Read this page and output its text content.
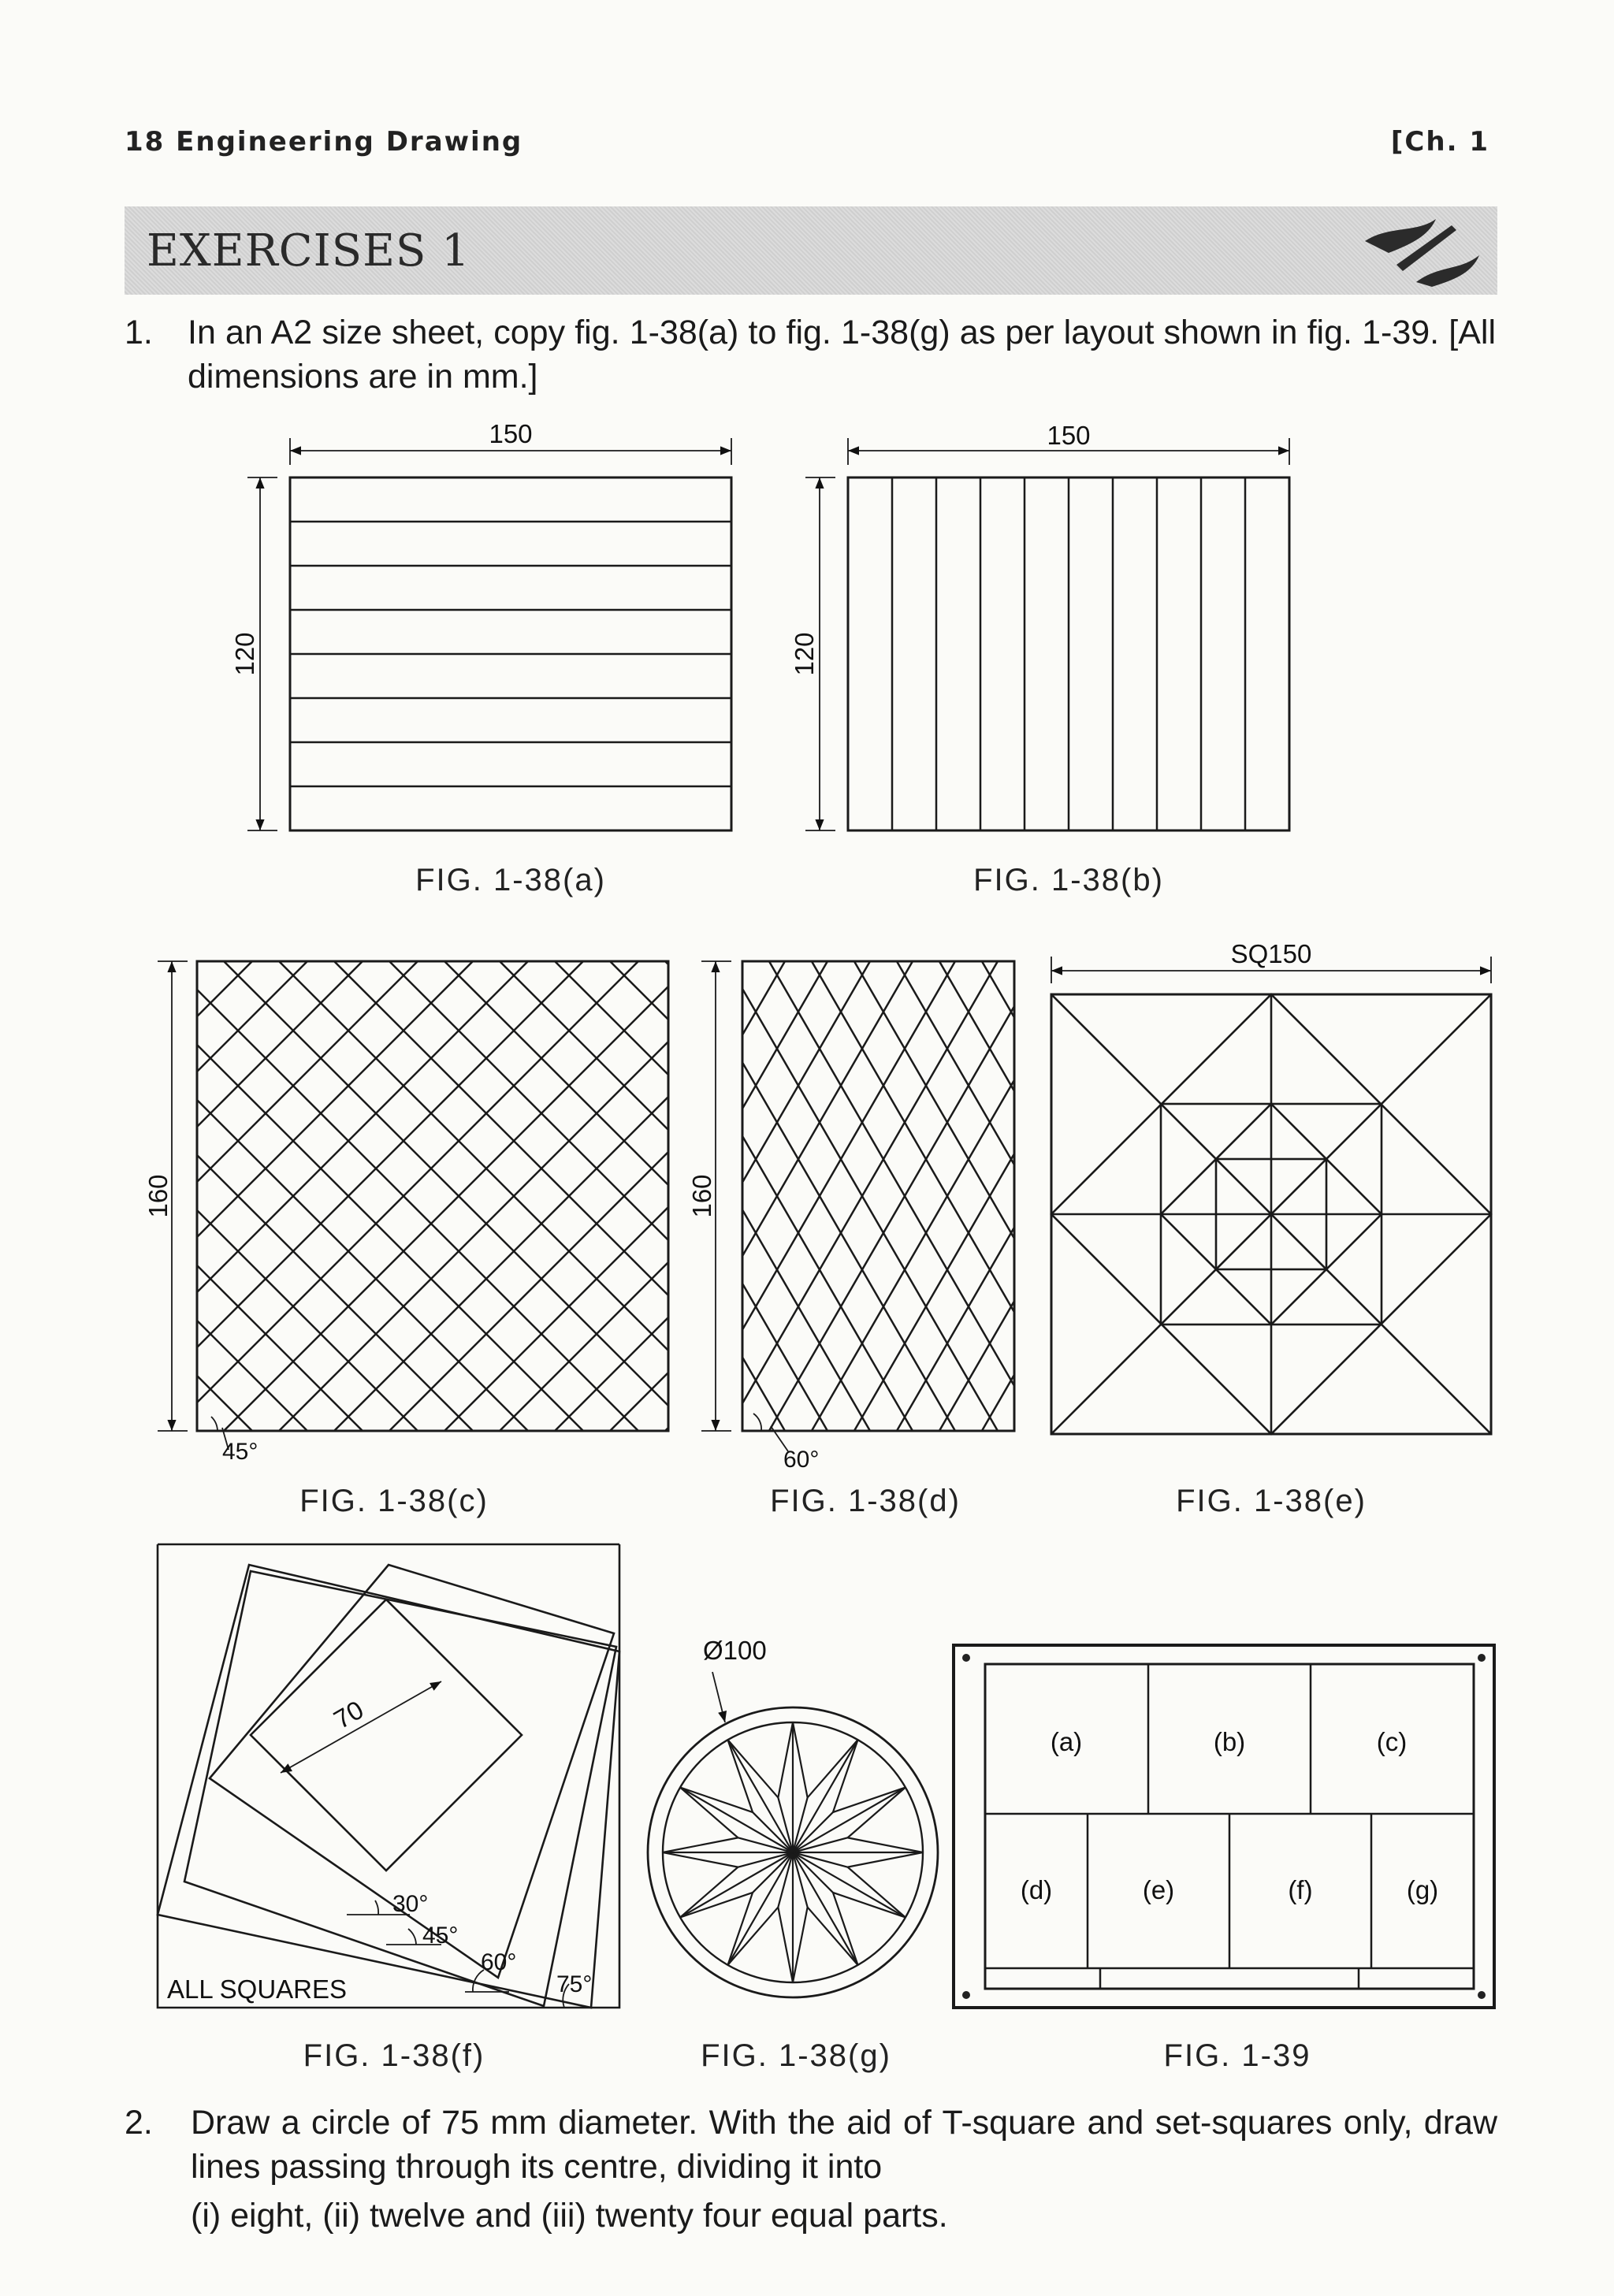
18 Engineering Drawing	[Ch. 1
EXERCISES 1
1. In an A2 size sheet, copy fig. 1-38(a) to fig. 1-38(g) as per layout shown in fig. 1-39. [All dimensions are in mm.]
150
120
FIG. 1-38(a)
150
120
FIG. 1-38(b)
160
45°
FIG. 1-38(c)
160
60°
FIG. 1-38(d)
SQ150
FIG. 1-38(e)
70
30°
45°
60°
75°
ALL SQUARES
FIG. 1-38(f)
Ø100
FIG. 1-38(g)
(a)	(b)	(c)
(d)	(e)	(f)	(g)
FIG. 1-39
2. Draw a circle of 75 mm diameter. With the aid of T-square and set-squares only, draw lines passing through its centre, dividing it into
(i) eight, (ii) twelve and (iii) twenty four equal parts.
